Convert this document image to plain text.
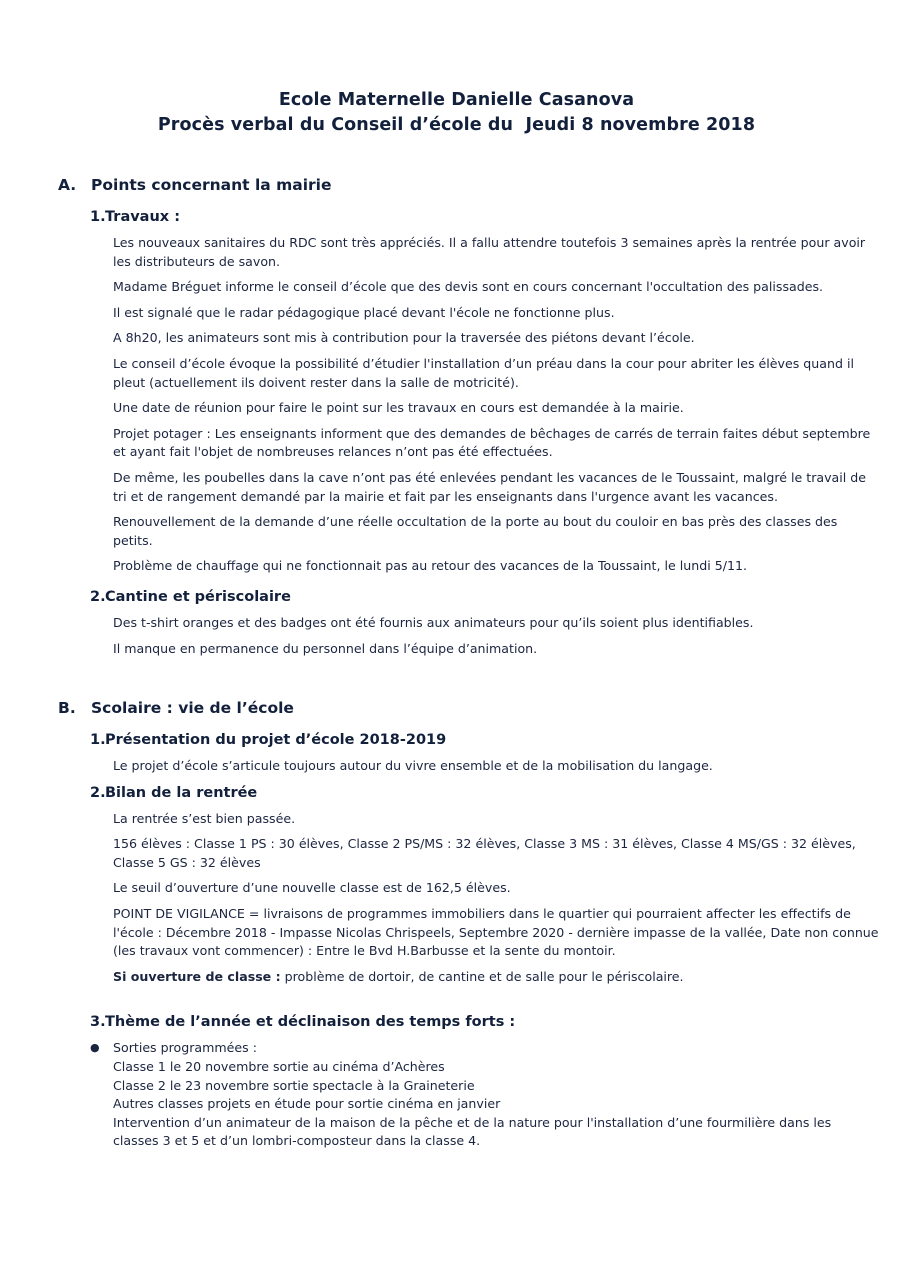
Ecole Maternelle Danielle Casanova
Procès verbal du Conseil d’école du  Jeudi 8 novembre 2018
A. Points concernant la mairie
1. Travaux :

Les nouveaux sanitaires du RDC sont très appréciés. Il a fallu attendre toutefois 3 semaines après la rentrée pour avoir les distributeurs de savon.

Madame Bréguet informe le conseil d’école que des devis sont en cours concernant l'occultation des palissades.

Il est signalé que le radar pédagogique placé devant l'école ne fonctionne plus.

A 8h20, les animateurs sont mis à contribution pour la traversée des piétons devant l’école.

Le conseil d’école évoque la possibilité d’étudier l'installation d’un préau dans la cour pour abriter les élèves quand il pleut (actuellement ils doivent rester dans la salle de motricité).

Une date de réunion pour faire le point sur les travaux en cours est demandée à la mairie.

Projet potager : Les enseignants informent que des demandes de bêchages de carrés de terrain faites début septembre et ayant fait l'objet de nombreuses relances n’ont pas été effectuées.

De même, les poubelles dans la cave n’ont pas été enlevées pendant les vacances de le Toussaint, malgré le travail de tri et de rangement demandé par la mairie et fait par les enseignants dans l'urgence avant les vacances.

Renouvellement de la demande d’une réelle occultation de la porte au bout du couloir en bas près des classes des petits.

Problème de chauffage qui ne fonctionnait pas au retour des vacances de la Toussaint, le lundi 5/11.

2. Cantine et périscolaire

Des t-shirt oranges et des badges ont été fournis aux animateurs pour qu’ils soient plus identifiables.

Il manque en permanence du personnel dans l’équipe d’animation.

B. Scolaire : vie de l’école
1. Présentation du projet d’école 2018-2019

Le projet d’école s’articule toujours autour du vivre ensemble et de la mobilisation du langage.

2. Bilan de la rentrée

La rentrée s’est bien passée.

156 élèves : Classe 1 PS : 30 élèves, Classe 2 PS/MS : 32 élèves, Classe 3 MS : 31 élèves, Classe 4 MS/GS : 32 élèves, Classe 5 GS : 32 élèves

Le seuil d’ouverture d’une nouvelle classe est de 162,5 élèves.

POINT DE VIGILANCE = livraisons de programmes immobiliers dans le quartier qui pourraient affecter les effectifs de l'école : Décembre 2018 - Impasse Nicolas Chrispeels, Septembre 2020 - dernière impasse de la vallée, Date non connue (les travaux vont commencer) : Entre le Bvd H.Barbusse et la sente du montoir.

Si ouverture de classe : problème de dortoir, de cantine et de salle pour le périscolaire.

3. Thème de l’année et déclinaison des temps forts :
●	Sorties programmées :
Classe 1 le 20 novembre sortie au cinéma d’Achères
Classe 2 le 23 novembre sortie spectacle à la Graineterie
Autres classes projets en étude pour sortie cinéma en janvier
Intervention d’un animateur de la maison de la pêche et de la nature pour l'installation d’une fourmilière dans les classes 3 et 5 et d’un lombri-composteur dans la classe 4.
